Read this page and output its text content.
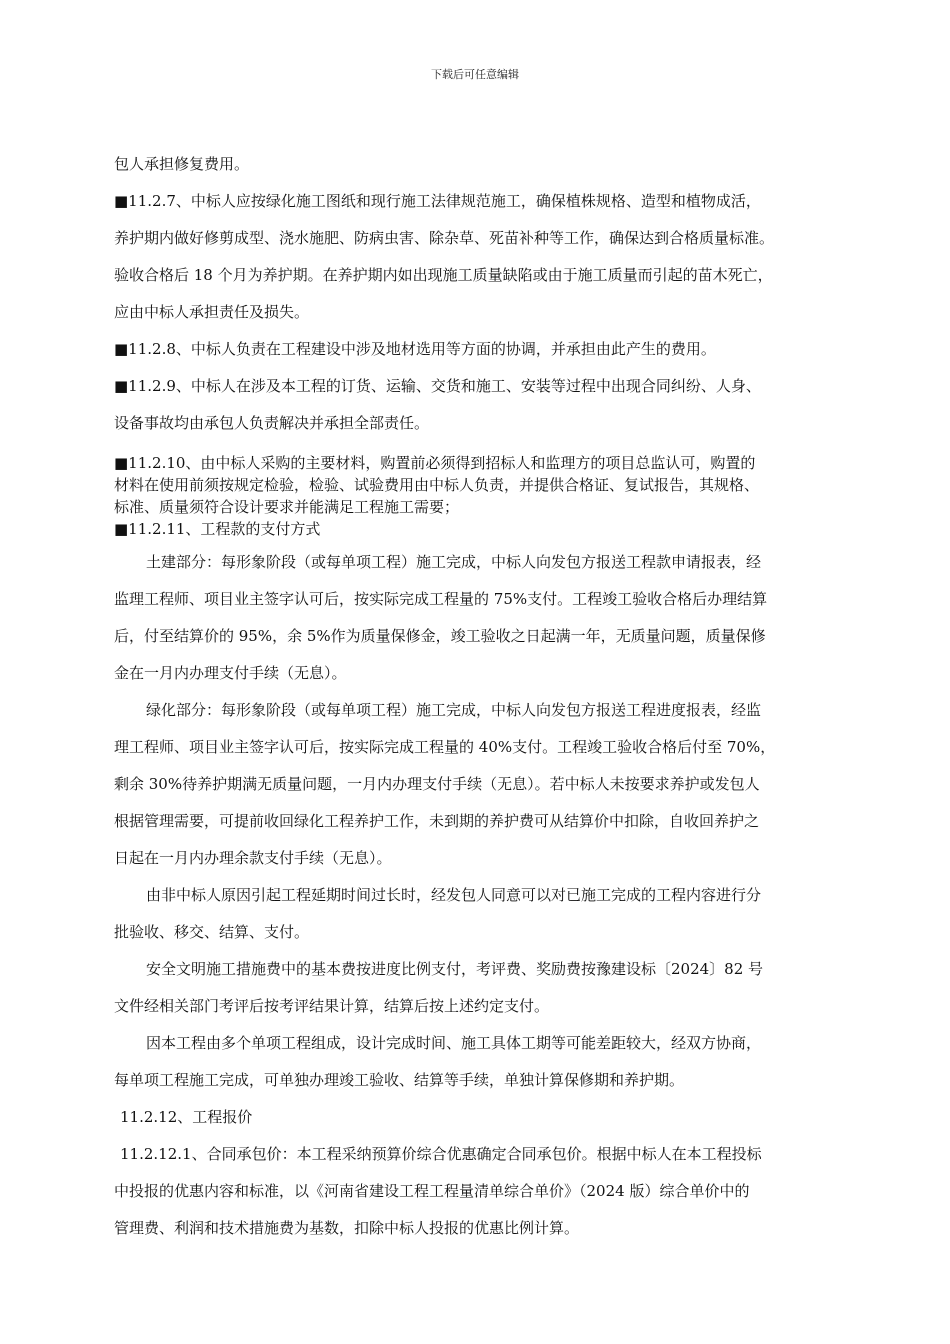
下载后可任意编辑

包人承担修复费用。

■11.2.7、中标人应按绿化施工图纸和现行施工法律规范施工，确保植株规格、造型和植物成活，

养护期内做好修剪成型、浇水施肥、防病虫害、除杂草、死苗补种等工作，确保达到合格质量标准。

验收合格后 18 个月为养护期。在养护期内如出现施工质量缺陷或由于施工质量而引起的苗木死亡，

应由中标人承担责任及损失。

■11.2.8、中标人负责在工程建设中涉及地材选用等方面的协调，并承担由此产生的费用。

■11.2.9、中标人在涉及本工程的订货、运输、交货和施工、安装等过程中出现合同纠纷、人身、

设备事故均由承包人负责解决并承担全部责任。

■11.2.10、由中标人采购的主要材料，购置前必须得到招标人和监理方的项目总监认可，购置的

材料在使用前须按规定检验，检验、试验费用由中标人负责，并提供合格证、复试报告，其规格、

标准、质量须符合设计要求并能满足工程施工需要；

■11.2.11、工程款的支付方式

土建部分：每形象阶段（或每单项工程）施工完成，中标人向发包方报送工程款申请报表，经

监理工程师、项目业主签字认可后，按实际完成工程量的 75%支付。工程竣工验收合格后办理结算

后，付至结算价的 95%，余 5%作为质量保修金，竣工验收之日起满一年，无质量问题，质量保修

金在一月内办理支付手续（无息）。

绿化部分：每形象阶段（或每单项工程）施工完成，中标人向发包方报送工程进度报表，经监

理工程师、项目业主签字认可后，按实际完成工程量的 40%支付。工程竣工验收合格后付至 70%，

剩余 30%待养护期满无质量问题，一月内办理支付手续（无息）。若中标人未按要求养护或发包人

根据管理需要，可提前收回绿化工程养护工作，未到期的养护费可从结算价中扣除，自收回养护之

日起在一月内办理余款支付手续（无息）。

由非中标人原因引起工程延期时间过长时，经发包人同意可以对已施工完成的工程内容进行分

批验收、移交、结算、支付。

安全文明施工措施费中的基本费按进度比例支付，考评费、奖励费按豫建设标〔2024〕82 号

文件经相关部门考评后按考评结果计算，结算后按上述约定支付。

因本工程由多个单项工程组成，设计完成时间、施工具体工期等可能差距较大，经双方协商，

每单项工程施工完成，可单独办理竣工验收、结算等手续，单独计算保修期和养护期。

11.2.12、工程报价

11.2.12.1、合同承包价：本工程采纳预算价综合优惠确定合同承包价。根据中标人在本工程投标

中投报的优惠内容和标准，以《河南省建设工程工程量清单综合单价》（2024 版）综合单价中的

管理费、利润和技术措施费为基数，扣除中标人投报的优惠比例计算。
